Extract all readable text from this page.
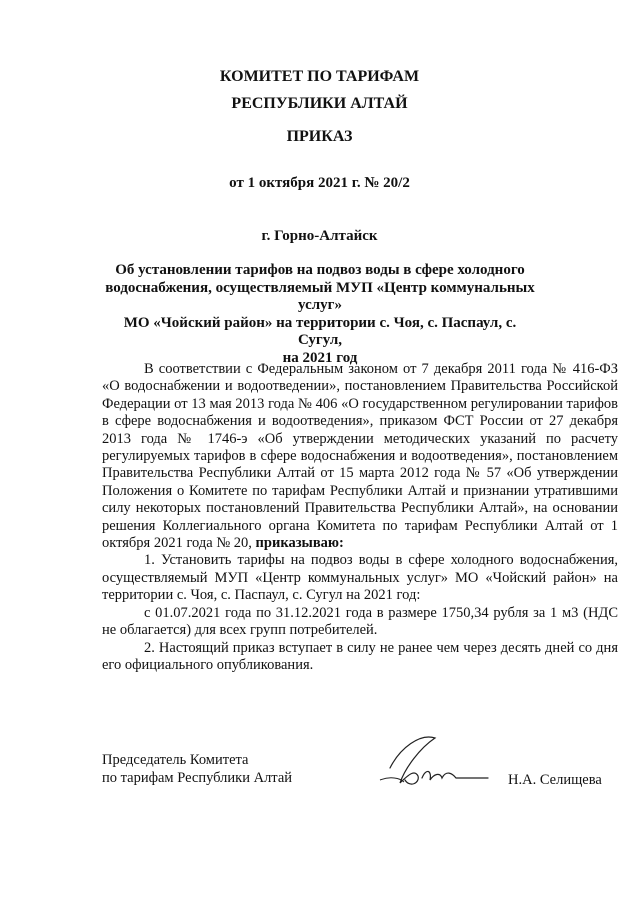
КОМИТЕТ ПО ТАРИФАМ
РЕСПУБЛИКИ АЛТАЙ
ПРИКАЗ
от 1 октября 2021 г. № 20/2
г. Горно-Алтайск
Об установлении тарифов на подвоз воды в сфере холодного
водоснабжения, осуществляемый МУП «Центр коммунальных услуг»
МО «Чойский район» на территории с. Чоя, с. Паспаул, с. Сугул,
на 2021 год

В соответствии с Федеральным законом от 7 декабря 2011 года № 416-ФЗ «О водоснабжении и водоотведении», постановлением Правительства Российской Федерации от 13 мая 2013 года № 406 «О государственном регулировании тарифов в сфере водоснабжения и водоотведения», приказом ФСТ России от 27 декабря 2013 года № 1746-э «Об утверждении методических указаний по расчету регулируемых тарифов в сфере водоснабжения и водоотведения», постановлением Правительства Республики Алтай от 15 марта 2012 года № 57 «Об утверждении Положения о Комитете по тарифам Республики Алтай и признании утратившими силу некоторых постановлений Правительства Республики Алтай», на основании решения Коллегиального органа Комитета по тарифам Республики Алтай от 1 октября 2021 года № 20, приказываю:

1. Установить тарифы на подвоз воды в сфере холодного водоснабжения, осуществляемый МУП «Центр коммунальных услуг» МО «Чойский район» на территории с. Чоя, с. Паспаул, с. Сугул на 2021 год:

с 01.07.2021 года по 31.12.2021 года в размере 1750,34 рубля за 1 м3 (НДС не облагается) для всех групп потребителей.

2. Настоящий приказ вступает в силу не ранее чем через десять дней со дня его официального опубликования.

Председатель Комитета
по тарифам Республики Алтай	Н.А. Селищева
